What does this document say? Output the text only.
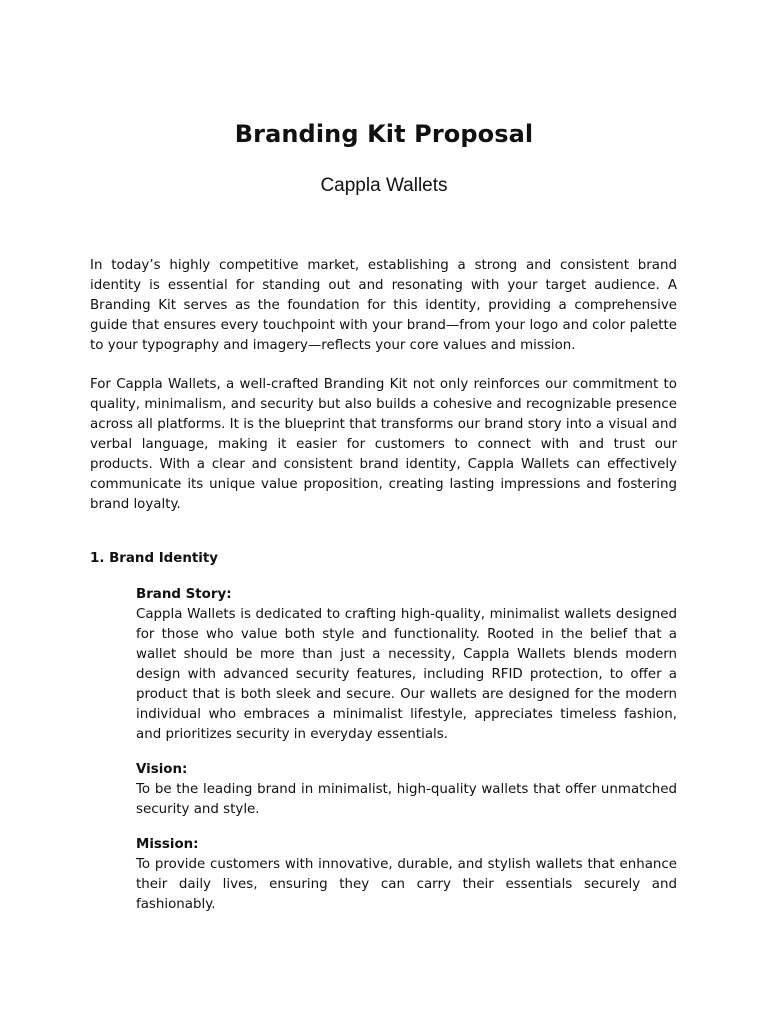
Branding Kit Proposal
Cappla Wallets

In today’s highly competitive market, establishing a strong and consistent brand identity is essential for standing out and resonating with your target audience. A Branding Kit serves as the foundation for this identity, providing a comprehensive guide that ensures every touchpoint with your brand—from your logo and color palette to your typography and imagery—reflects your core values and mission.

For Cappla Wallets, a well-crafted Branding Kit not only reinforces our commitment to quality, minimalism, and security but also builds a cohesive and recognizable presence across all platforms. It is the blueprint that transforms our brand story into a visual and verbal language, making it easier for customers to connect with and trust our products. With a clear and consistent brand identity, Cappla Wallets can effectively communicate its unique value proposition, creating lasting impressions and fostering brand loyalty.

1. Brand Identity
Brand Story:

Cappla Wallets is dedicated to crafting high-quality, minimalist wallets designed for those who value both style and functionality. Rooted in the belief that a wallet should be more than just a necessity, Cappla Wallets blends modern design with advanced security features, including RFID protection, to offer a product that is both sleek and secure. Our wallets are designed for the modern individual who embraces a minimalist lifestyle, appreciates timeless fashion, and prioritizes security in everyday essentials.

Vision:

To be the leading brand in minimalist, high-quality wallets that offer unmatched security and style.

Mission:

To provide customers with innovative, durable, and stylish wallets that enhance their daily lives, ensuring they can carry their essentials securely and fashionably.
